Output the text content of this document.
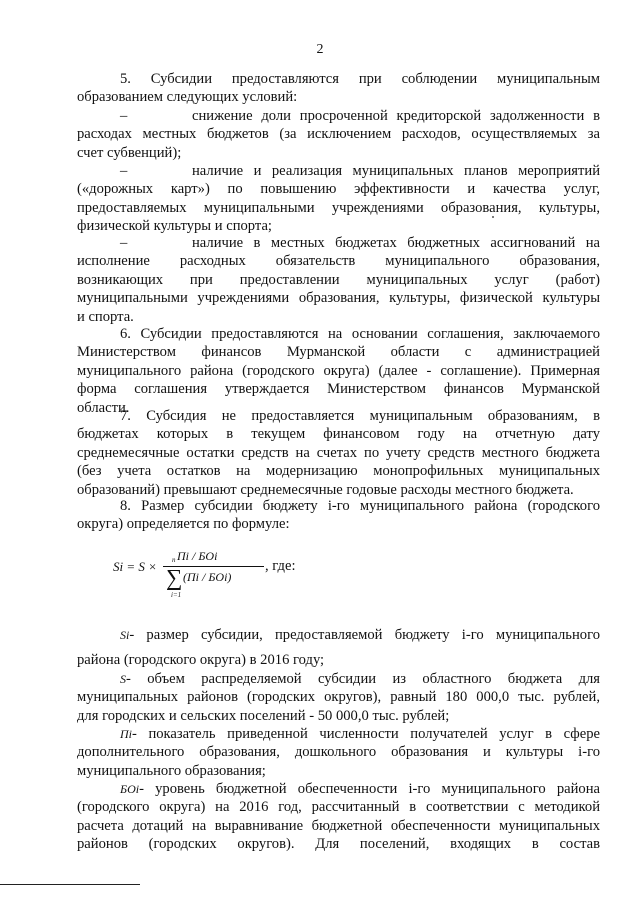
2
5. Субсидии предоставляются при соблюдении муниципальным
образованием следующих условий:
–	снижение доли просроченной кредиторской задолженности в
расходах местных бюджетов (за исключением расходов, осуществляемых за
счет субвенций);
–	наличие и реализация муниципальных планов мероприятий
(«дорожных карт») по повышению эффективности и качества услуг,
предоставляемых муниципальными учреждениями образования, культуры,
физической культуры и спорта;
–	наличие в местных бюджетах бюджетных ассигнований на
исполнение расходных обязательств муниципального образования,
возникающих при предоставлении муниципальных услуг (работ)
муниципальными учреждениями образования, культуры, физической культуры
и спорта.
6. Субсидии предоставляются на основании соглашения, заключаемого
Министерством финансов Мурманской области с администрацией
муниципального района (городского округа) (далее - соглашение). Примерная
форма соглашения утверждается Министерством финансов Мурманской
области.
7. Субсидия не предоставляется муниципальным образованиям, в
бюджетах которых в текущем финансовом году на отчетную дату
среднемесячные остатки средств на счетах по учету средств местного бюджета
(без учета остатков на модернизацию монопрофильных муниципальных
образований) превышают среднемесячные годовые расходы местного бюджета.
8. Размер субсидии бюджету i-го муниципального района (городского
округа) определяется по формуле:
Si = S ×
Пi / БОi
n
∑ (Пi / БОi)
i=1
, где:
Si- размер субсидии, предоставляемой бюджету i-го муниципального
района (городского округа) в 2016 году;
S- объем распределяемой субсидии из областного бюджета для
муниципальных районов (городских округов), равный 180 000,0 тыс. рублей,
для городских и сельских поселений - 50 000,0 тыс. рублей;
Пi- показатель приведенной численности получателей услуг в сфере
дополнительного образования, дошкольного образования и культуры i-го
муниципального образования;
БОi- уровень бюджетной обеспеченности i-го муниципального района
(городского округа) на 2016 год, рассчитанный в соответствии с методикой
расчета дотаций на выравнивание бюджетной обеспеченности муниципальных
районов (городских округов). Для поселений, входящих в состав
